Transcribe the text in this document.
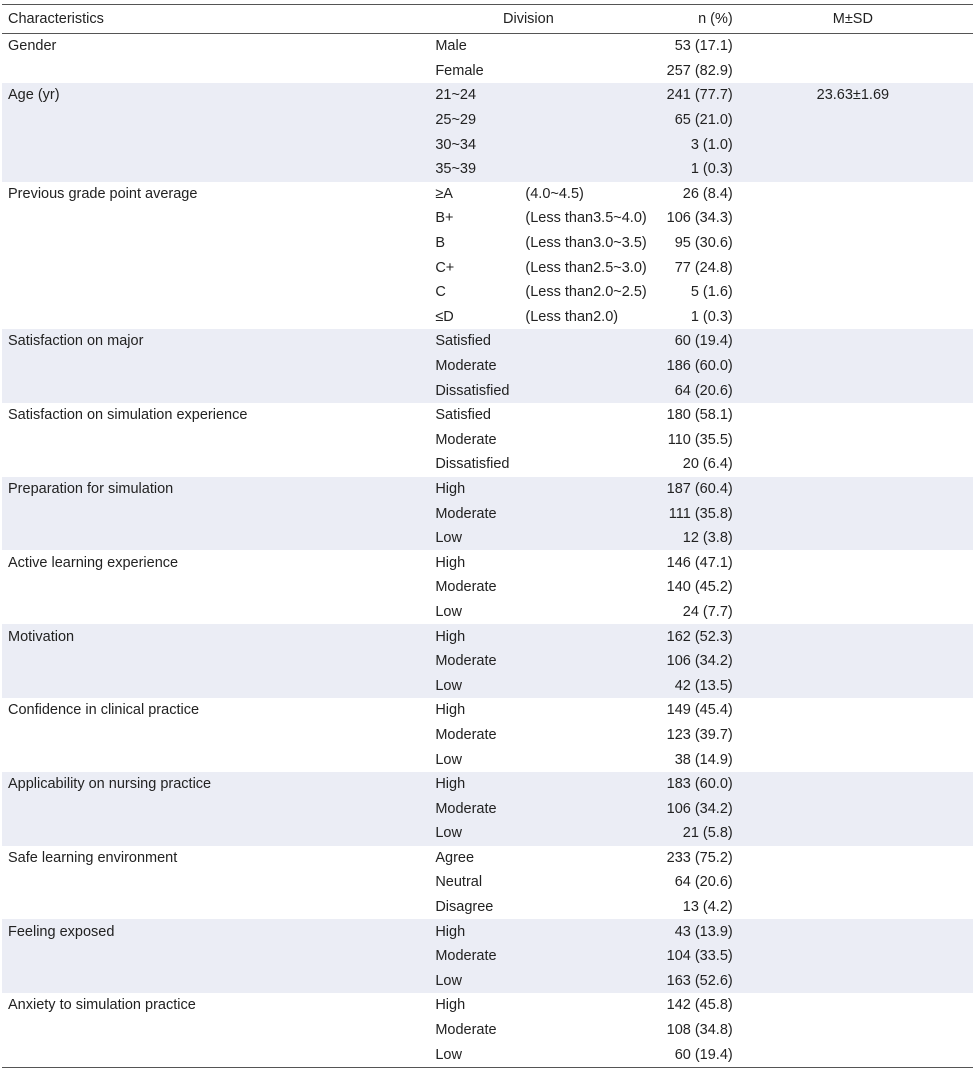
Characteristics	Division		n (%)	M±SD
Gender	Male		53 (17.1)	
	Female		257 (82.9)	
Age (yr)	21~24		241 (77.7)	23.63±1.69
	25~29		65 (21.0)	
	30~34		3 (1.0)	
	35~39		1 (0.3)	
Previous grade point average	≥A	(4.0~4.5)	26 (8.4)	
	B+	(Less than3.5~4.0)	106 (34.3)	
	B	(Less than3.0~3.5)	95 (30.6)	
	C+	(Less than2.5~3.0)	77 (24.8)	
	C	(Less than2.0~2.5)	5 (1.6)	
	≤D	(Less than2.0)	1 (0.3)	
Satisfaction on major	Satisfied		60 (19.4)	
	Moderate		186 (60.0)	
	Dissatisfied		64 (20.6)	
Satisfaction on simulation experience	Satisfied		180 (58.1)	
	Moderate		110 (35.5)	
	Dissatisfied		20 (6.4)	
Preparation for simulation	High		187 (60.4)	
	Moderate		111 (35.8)	
	Low		12 (3.8)	
Active learning experience	High		146 (47.1)	
	Moderate		140 (45.2)	
	Low		24 (7.7)	
Motivation	High		162 (52.3)	
	Moderate		106 (34.2)	
	Low		42 (13.5)	
Confidence in clinical practice	High		149 (45.4)	
	Moderate		123 (39.7)	
	Low		38 (14.9)	
Applicability on nursing practice	High		183 (60.0)	
	Moderate		106 (34.2)	
	Low		21 (5.8)	
Safe learning environment	Agree		233 (75.2)	
	Neutral		64 (20.6)	
	Disagree		13 (4.2)	
Feeling exposed	High		43 (13.9)	
	Moderate		104 (33.5)	
	Low		163 (52.6)	
Anxiety to simulation practice	High		142 (45.8)	
	Moderate		108 (34.8)	
	Low		60 (19.4)	
